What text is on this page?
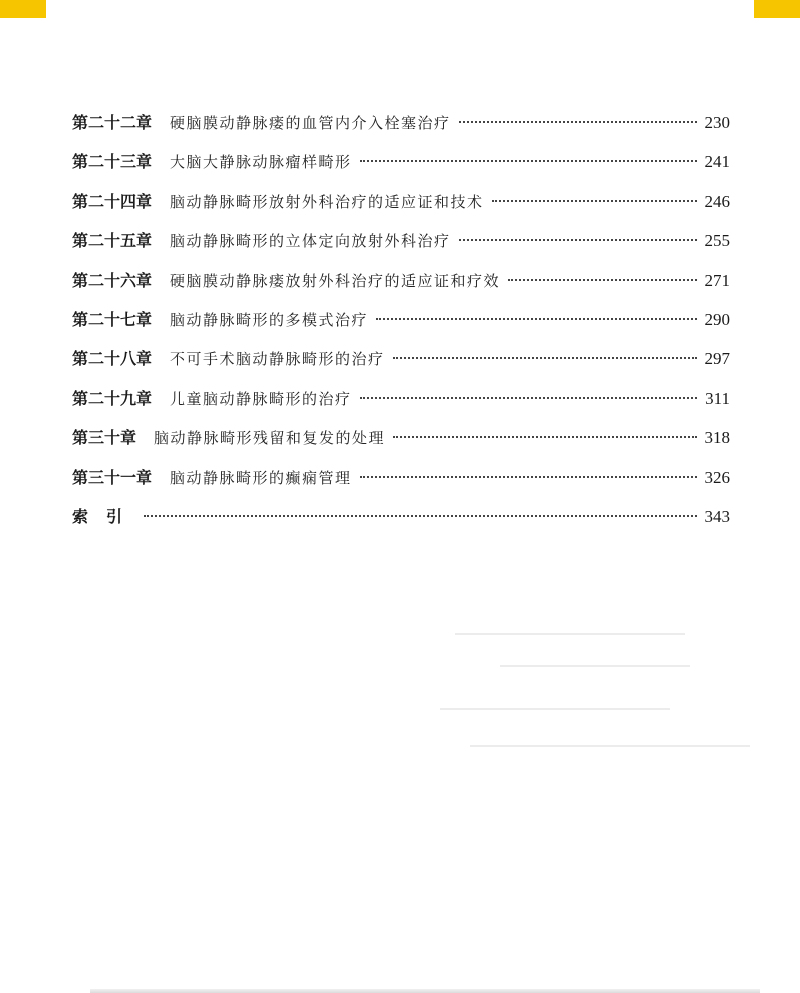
第二十二章 硬脑膜动静脉瘘的血管内介入栓塞治疗	230
第二十三章 大脑大静脉动脉瘤样畸形	241
第二十四章 脑动静脉畸形放射外科治疗的适应证和技术	246
第二十五章 脑动静脉畸形的立体定向放射外科治疗	255
第二十六章 硬脑膜动静脉瘘放射外科治疗的适应证和疗效	271
第二十七章 脑动静脉畸形的多模式治疗	290
第二十八章 不可手术脑动静脉畸形的治疗	297
第二十九章 儿童脑动静脉畸形的治疗	311
第三十章 脑动静脉畸形残留和复发的处理	318
第三十一章 脑动静脉畸形的癫痫管理	326
索引	343
